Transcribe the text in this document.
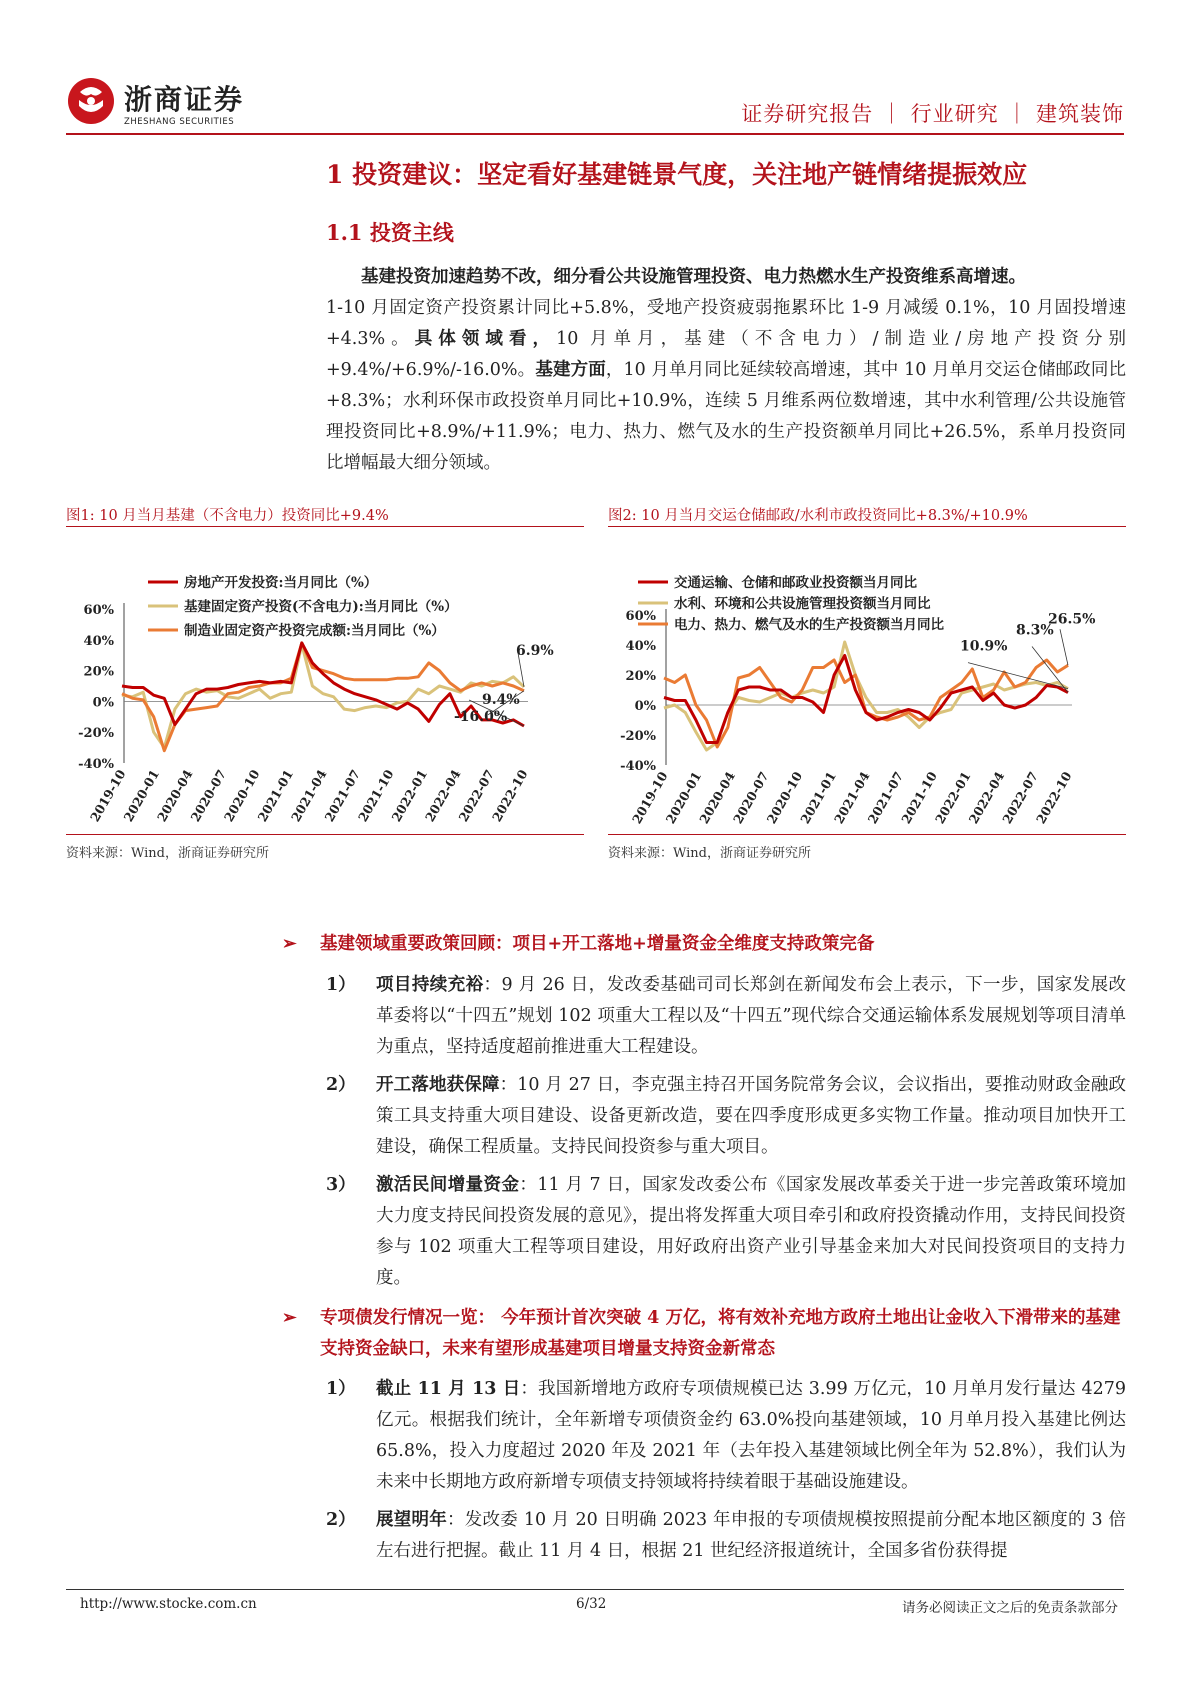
浙商证券
ZHESHANG SECURITIES	证券研究报告 ｜ 行业研究 ｜ 建筑装饰
1 投资建议：坚定看好基建链景气度，关注地产链情绪提振效应
1.1 投资主线
基建投资加速趋势不改，细分看公共设施管理投资、电力热燃水生产投资维系高增速。
1-10 月固定资产投资累计同比+5.8%，受地产投资疲弱拖累环比 1-9 月减缓 0.1%，10 月固投增速+4.3%。具体领域看，10 月单月，基建（不含电力）/制造业/房地产投资分别+9.4%/+6.9%/-16.0%。基建方面，10 月单月同比延续较高增速，其中 10 月单月交运仓储邮政同比+8.3%；水利环保市政投资单月同比+10.9%，连续 5 月维系两位数增速，其中水利管理/公共设施管理投资同比+8.9%/+11.9%；电力、热力、燃气及水的生产投资额单月同比+26.5%，系单月投资同比增幅最大细分领域。
图1: 10 月当月基建（不含电力）投资同比+9.4%
60%
40%
20%
0%
-20%
-40%
2019-10
2020-01
2020-04
2020-07
2020-10
2021-01
2021-04
2021-07
2021-10
2022-01
2022-04
2022-07
2022-10
房地产开发投资:当月同比（%）
基建固定资产投资(不含电力):当月同比（%）
制造业固定资产投资完成额:当月同比（%）
9.4%
6.9%
-16.0%
资料来源：Wind，浙商证券研究所
图2: 10 月当月交运仓储邮政/水利市政投资同比+8.3%/+10.9%
60%
40%
20%
0%
-20%
-40%
2019-10
2020-01
2020-04
2020-07
2020-10
2021-01
2021-04
2021-07
2021-10
2022-01
2022-04
2022-07
2022-10
交通运输、仓储和邮政业投资额当月同比
水利、环境和公共设施管理投资额当月同比
电力、热力、燃气及水的生产投资额当月同比
10.9%
8.3%
26.5%
资料来源：Wind，浙商证券研究所
➢ 基建领域重要政策回顾：项目+开工落地+增量资金全维度支持政策完备
1） 项目持续充裕：9 月 26 日，发改委基础司司长郑剑在新闻发布会上表示，下一步，国家发展改革委将以“十四五”规划 102 项重大工程以及“十四五”现代综合交通运输体系发展规划等项目清单为重点，坚持适度超前推进重大工程建设。
2） 开工落地获保障：10 月 27 日，李克强主持召开国务院常务会议，会议指出，要推动财政金融政策工具支持重大项目建设、设备更新改造，要在四季度形成更多实物工作量。推动项目加快开工建设，确保工程质量。支持民间投资参与重大项目。
3） 激活民间增量资金：11 月 7 日，国家发改委公布《国家发展改革委关于进一步完善政策环境加大力度支持民间投资发展的意见》，提出将发挥重大项目牵引和政府投资撬动作用，支持民间投资参与 102 项重大工程等项目建设，用好政府出资产业引导基金来加大对民间投资项目的支持力度。
➢ 专项债发行情况一览： 今年预计首次突破 4 万亿，将有效补充地方政府土地出让金收入下滑带来的基建支持资金缺口，未来有望形成基建项目增量支持资金新常态
1） 截止 11 月 13 日：我国新增地方政府专项债规模已达 3.99 万亿元，10 月单月发行量达 4279 亿元。根据我们统计，全年新增专项债资金约 63.0%投向基建领域，10 月单月投入基建比例达 65.8%，投入力度超过 2020 年及 2021 年（去年投入基建领域比例全年为 52.8%），我们认为未来中长期地方政府新增专项债支持领域将持续着眼于基础设施建设。
2） 展望明年：发改委 10 月 20 日明确 2023 年申报的专项债规模按照提前分配本地区额度的 3 倍左右进行把握。截止 11 月 4 日，根据 21 世纪经济报道统计，全国多省份获得提
http://www.stocke.com.cn	6/32	请务必阅读正文之后的免责条款部分
